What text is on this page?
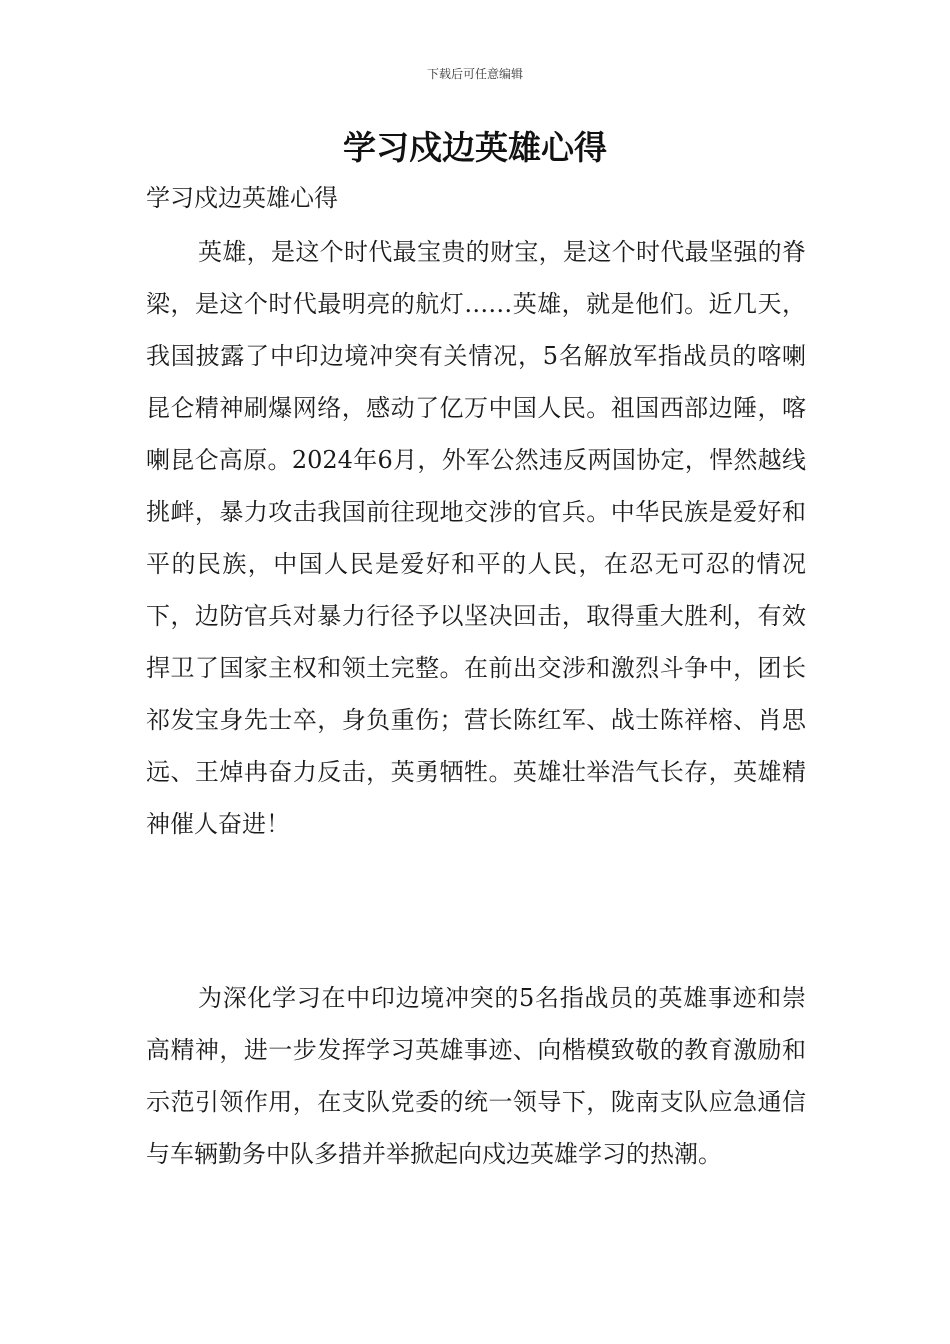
下载后可任意编辑
学习戍边英雄心得

学习戍边英雄心得

英雄，是这个时代最宝贵的财宝，是这个时代最坚强的脊梁，是这个时代最明亮的航灯……英雄，就是他们。近几天，我国披露了中印边境冲突有关情况，5名解放军指战员的喀喇昆仑精神刷爆网络，感动了亿万中国人民。祖国西部边陲，喀喇昆仑高原。2024年6月，外军公然违反两国协定，悍然越线挑衅，暴力攻击我国前往现地交涉的官兵。中华民族是爱好和平的民族，中国人民是爱好和平的人民，在忍无可忍的情况下，边防官兵对暴力行径予以坚决回击，取得重大胜利，有效捍卫了国家主权和领土完整。在前出交涉和激烈斗争中，团长祁发宝身先士卒，身负重伤；营长陈红军、战士陈祥榕、肖思远、王焯冉奋力反击，英勇牺牲。英雄壮举浩气长存，英雄精神催人奋进！

为深化学习在中印边境冲突的5名指战员的英雄事迹和崇高精神，进一步发挥学习英雄事迹、向楷模致敬的教育激励和示范引领作用，在支队党委的统一领导下，陇南支队应急通信与车辆勤务中队多措并举掀起向戍边英雄学习的热潮。
